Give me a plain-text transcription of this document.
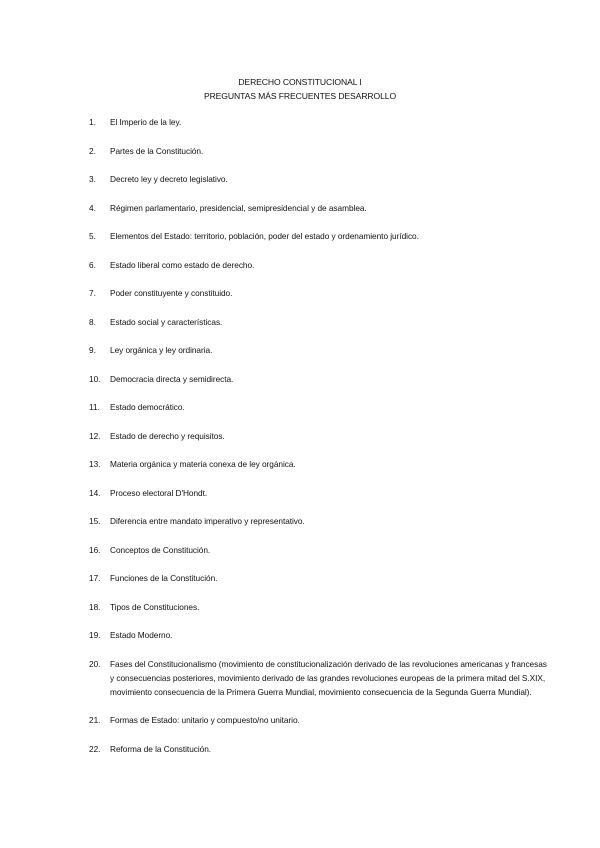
DERECHO CONSTITUCIONAL I
PREGUNTAS MÁS FRECUENTES DESARROLLO
1. El Imperio de la ley.
2. Partes de la Constitución.
3. Decreto ley y decreto legislativo.
4. Régimen parlamentario, presidencial, semipresidencial y de asamblea.
5. Elementos del Estado: territorio, población, poder del estado y ordenamiento jurídico.
6. Estado liberal como estado de derecho.
7. Poder constituyente y constituido.
8. Estado social y características.
9. Ley orgánica y ley ordinaria.
10. Democracia directa y semidirecta.
11. Estado democrático.
12. Estado de derecho y requisitos.
13. Materia orgánica y materia conexa de ley orgánica.
14. Proceso electoral D'Hondt.
15. Diferencia entre mandato imperativo y representativo.
16. Conceptos de Constitución.
17. Funciones de la Constitución.
18. Tipos de Constituciones.
19. Estado Moderno.
20. Fases del Constitucionalismo (movimiento de constitucionalización derivado de las revoluciones americanas y francesas y consecuencias posteriores, movimiento derivado de las grandes revoluciones europeas de la primera mitad del S.XIX, movimiento consecuencia de la Primera Guerra Mundial, movimiento consecuencia de la Segunda Guerra Mundial).
21. Formas de Estado: unitario y compuesto/no unitario.
22. Reforma de la Constitución.
